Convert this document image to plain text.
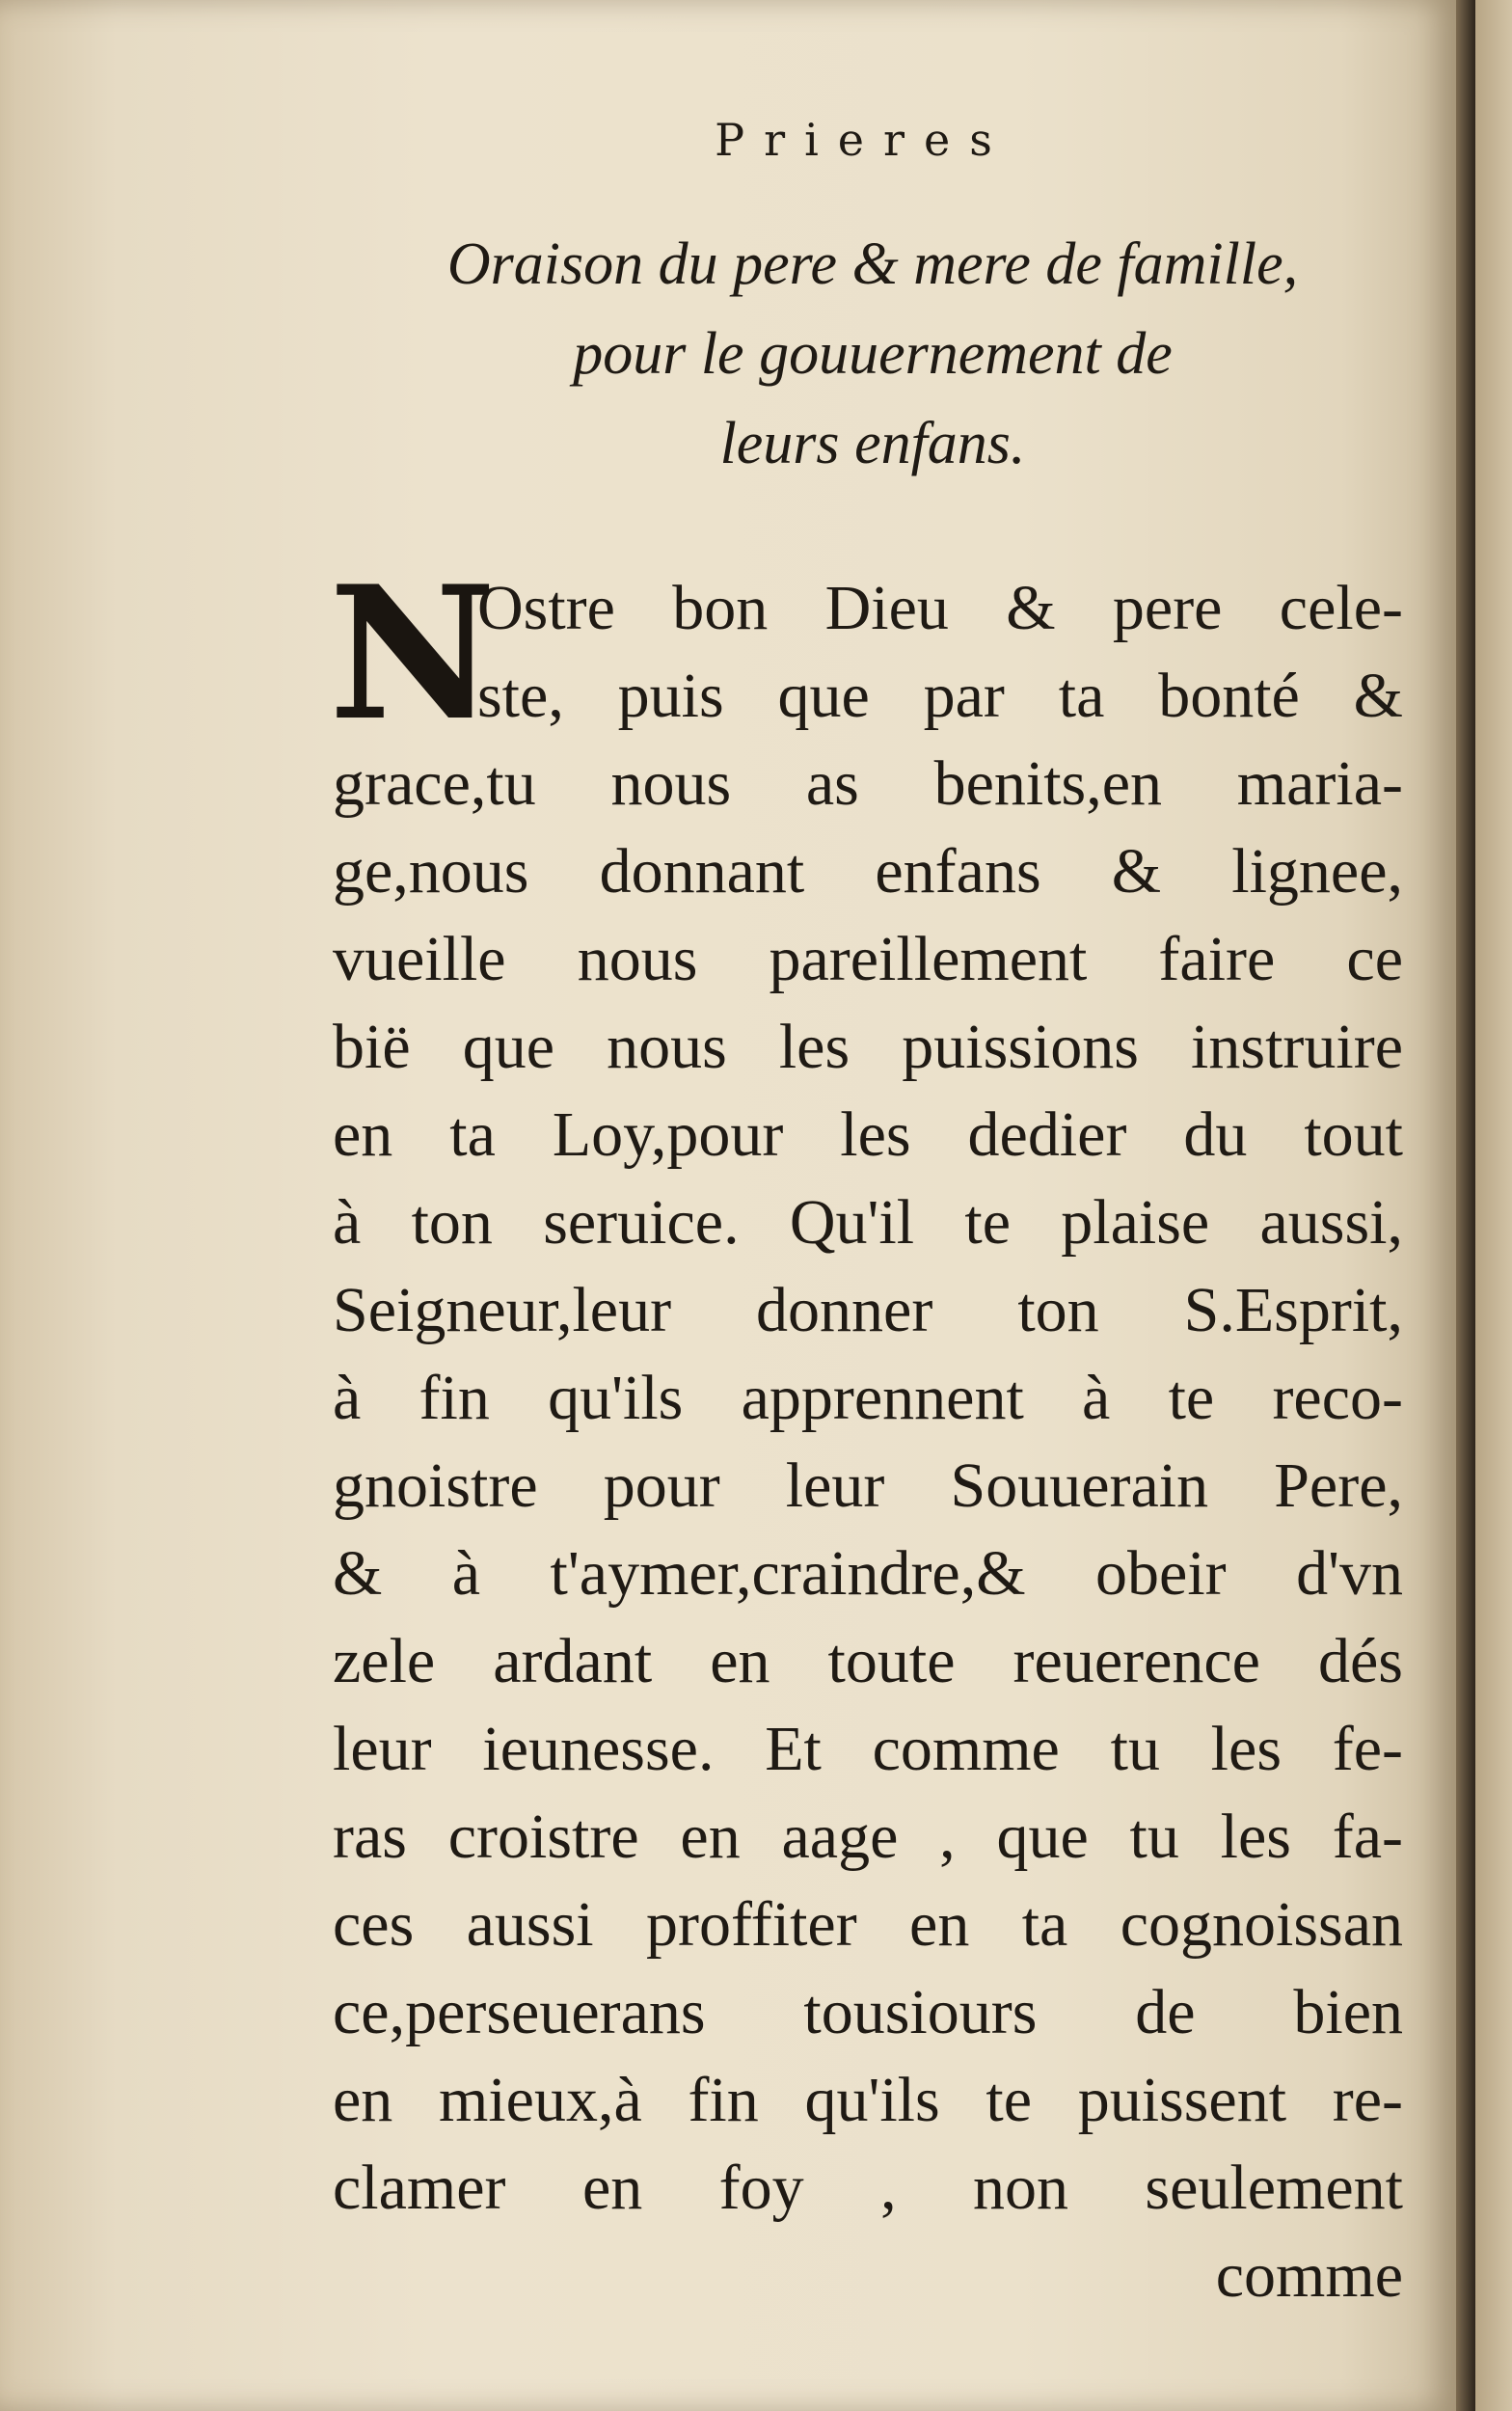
Prieres
Oraison du pere & mere de famille,
pour le gouuernement de
leurs enfans.
N
Ostre bon Dieu & pere cele-
ste, puis que par ta bonté &
grace,tu nous as benits,en maria-
ge,nous donnant enfans & lignee,
vueille nous pareillement faire ce
bië que nous les puissions instruire
en ta Loy,pour les dedier du tout
à ton seruice. Qu'il te plaise aussi,
Seigneur,leur donner ton S.Esprit,
à fin qu'ils apprennent à te reco-
gnoistre pour leur Souuerain Pere,
& à t'aymer,craindre,& obeir d'vn
zele ardant en toute reuerence dés
leur ieunesse. Et comme tu les fe-
ras croistre en aage , que tu les fa-
ces aussi proffiter en ta cognoissan
ce,perseuerans tousiours de bien
en mieux,à fin qu'ils te puissent re-
clamer en foy , non seulement
comme
